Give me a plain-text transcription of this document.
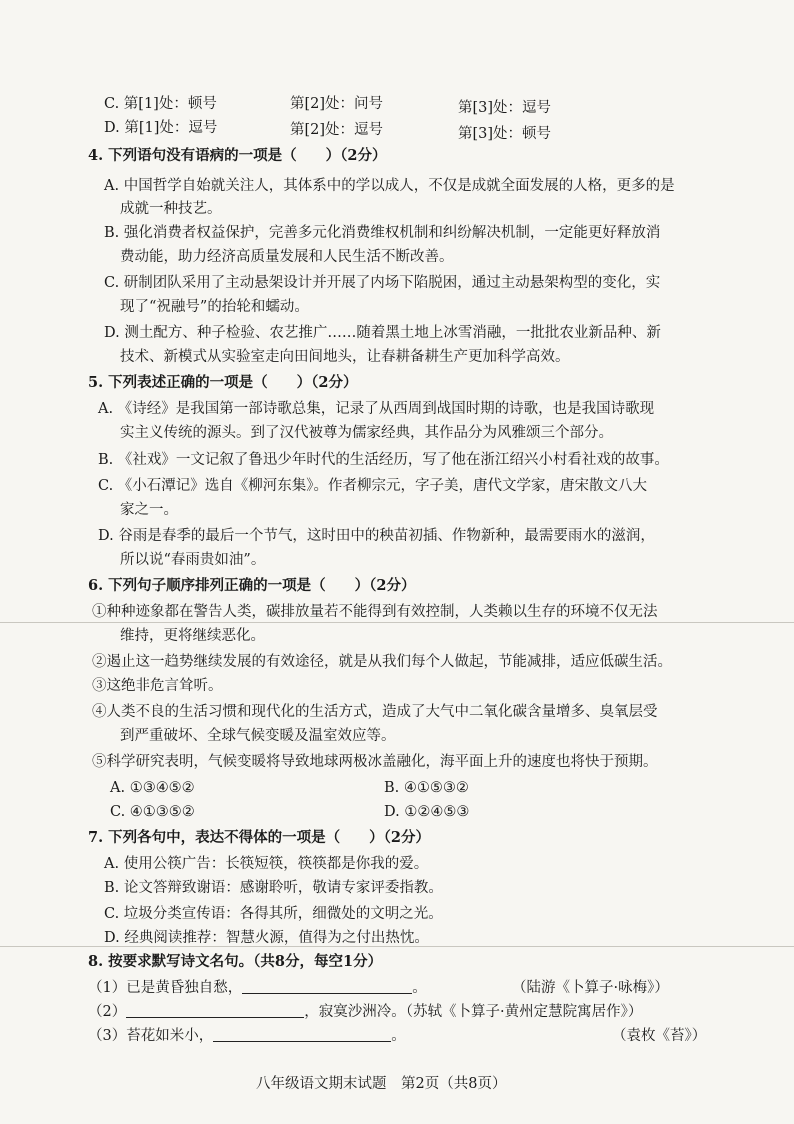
C. 第[1]处：顿号	第[2]处：问号	第[3]处：逗号
D. 第[1]处：逗号	第[2]处：逗号	第[3]处：顿号
4. 下列语句没有语病的一项是（　　）（2分）
A. 中国哲学自始就关注人，其体系中的学以成人，不仅是成就全面发展的人格，更多的是
成就一种技艺。
B. 强化消费者权益保护，完善多元化消费维权机制和纠纷解决机制，一定能更好释放消
费动能，助力经济高质量发展和人民生活不断改善。
C. 研制团队采用了主动悬架设计并开展了内场下陷脱困，通过主动悬架构型的变化，实
现了“祝融号”的抬轮和蠕动。
D. 测土配方、种子检验、农艺推广……随着黑土地上冰雪消融，一批批农业新品种、新
技术、新模式从实验室走向田间地头，让春耕备耕生产更加科学高效。
5. 下列表述正确的一项是（　　）（2分）
A. 《诗经》是我国第一部诗歌总集，记录了从西周到战国时期的诗歌，也是我国诗歌现
实主义传统的源头。到了汉代被尊为儒家经典，其作品分为风雅颂三个部分。
B. 《社戏》一文记叙了鲁迅少年时代的生活经历，写了他在浙江绍兴小村看社戏的故事。
C. 《小石潭记》选自《柳河东集》。作者柳宗元，字子美，唐代文学家，唐宋散文八大
家之一。
D. 谷雨是春季的最后一个节气，这时田中的秧苗初插、作物新种，最需要雨水的滋润，
所以说“春雨贵如油”。
6. 下列句子顺序排列正确的一项是（　　）（2分）
①种种迹象都在警告人类，碳排放量若不能得到有效控制，人类赖以生存的环境不仅无法
维持，更将继续恶化。
②遏止这一趋势继续发展的有效途径，就是从我们每个人做起，节能减排，适应低碳生活。
③这绝非危言耸听。
④人类不良的生活习惯和现代化的生活方式，造成了大气中二氧化碳含量增多、臭氧层受
到严重破坏、全球气候变暖及温室效应等。
⑤科学研究表明，气候变暖将导致地球两极冰盖融化，海平面上升的速度也将快于预期。
A. ①③④⑤②	B. ④①⑤③②
C. ④①③⑤②	D. ①②④⑤③
7. 下列各句中，表达不得体的一项是（　　）（2分）
A. 使用公筷广告：长筷短筷，筷筷都是你我的爱。
B. 论文答辩致谢语：感谢聆听，敬请专家评委指教。
C. 垃圾分类宣传语：各得其所，细微处的文明之光。
D. 经典阅读推荐：智慧火源，值得为之付出热忱。
8. 按要求默写诗文名句。（共8分，每空1分）
（1）已是黄昏独自愁，	。	（陆游《卜算子·咏梅》）
（2）	，寂寞沙洲冷。（苏轼《卜算子·黄州定慧院寓居作》）
（3）苔花如米小，	。	（袁枚《苔》）
八年级语文期末试题　第2页（共8页）
